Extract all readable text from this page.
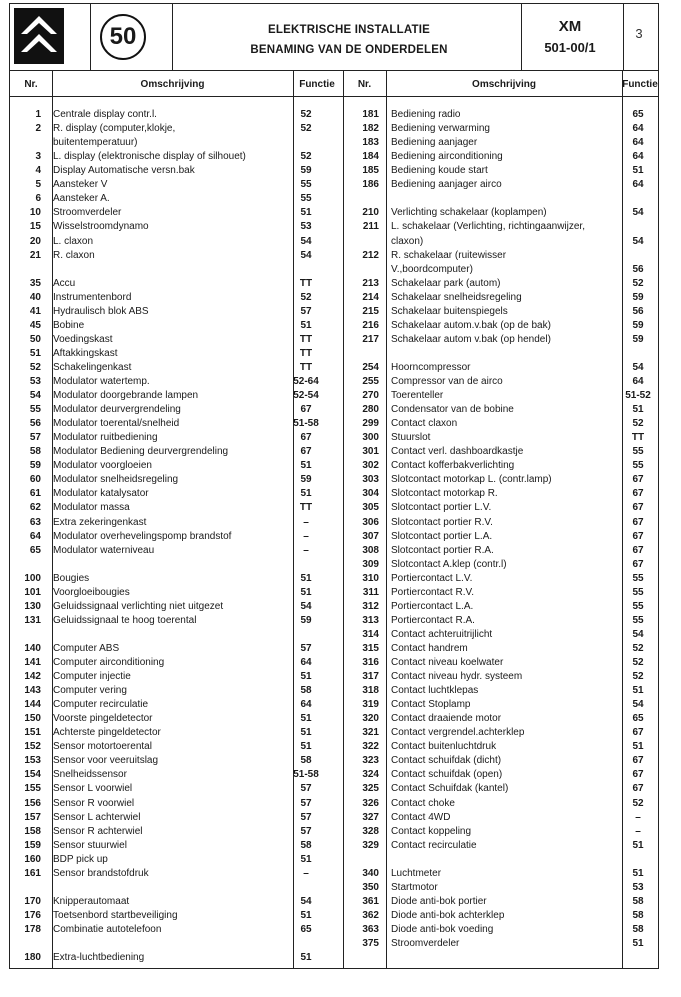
50	ELEKTRISCHE INSTALLATIE
BENAMING VAN DE ONDERDELEN
XM
501-00/1
3
Nr.	Omschrijving	Functie	Nr.	Omschrijving	Functie
1 Centrale display contr.l.	52
2 R. display (computer,klokje,	52
buitentemperatuur)
3 L. display (elektronische display of silhouet)	52
4 Display Automatische versn.bak	59
5 Aansteker V	55
6 Aansteker A.	55
10 Stroomverdeler	51
15 Wisselstroomdynamo	53
20 L. claxon	54
21 R. claxon	54
35 Accu	TT
40 Instrumentenbord	52
41 Hydraulisch blok ABS	57
45 Bobine	51
50 Voedingskast	TT
51 Aftakkingskast	TT
52 Schakelingenkast	TT
53 Modulator watertemp.	52-64
54 Modulator doorgebrande lampen	52-54
55 Modulator deurvergrendeling	67
56 Modulator toerental/snelheid	51-58
57 Modulator ruitbediening	67
58 Modulator Bediening deurvergrendeling	67
59 Modulator voorgloeien	51
60 Modulator snelheidsregeling	59
61 Modulator katalysator	51
62 Modulator massa	TT
63 Extra zekeringenkast	–
64 Modulator overhevelingspomp brandstof	–
65 Modulator waterniveau	–
100 Bougies	51
101 Voorgloeibougies	51
130 Geluidssignaal verlichting niet uitgezet	54
131 Geluidssignaal te hoog toerental	59
140 Computer ABS	57
141 Computer airconditioning	64
142 Computer injectie	51
143 Computer vering	58
144 Computer recirculatie	64
150 Voorste pingeldetector	51
151 Achterste pingeldetector	51
152 Sensor motortoerental	51
153 Sensor voor veeruitslag	58
154 Snelheidssensor	51-58
155 Sensor L voorwiel	57
156 Sensor R voorwiel	57
157 Sensor L achterwiel	57
158 Sensor R achterwiel	57
159 Sensor stuurwiel	58
160 BDP pick up	51
161 Sensor brandstofdruk	–
170 Knipperautomaat	54
176 Toetsenbord startbeveiliging	51
178 Combinatie autotelefoon	65
180 Extra-luchtbediening	51
181 Bediening radio	65
182 Bediening verwarming	64
183 Bediening aanjager	64
184 Bediening airconditioning	64
185 Bediening koude start	51
186 Bediening aanjager airco	64
210 Verlichting schakelaar (koplampen)	54
211 L. schakelaar (Verlichting, richtingaanwijzer,
claxon)	54
212 R. schakelaar (ruitewisser
V.,boordcomputer)	56
213 Schakelaar park (autom)	52
214 Schakelaar snelheidsregeling	59
215 Schakelaar buitenspiegels	56
216 Schakelaar autom.v.bak (op de bak)	59
217 Schakelaar autom v.bak (op hendel)	59
254 Hoorncompressor	54
255 Compressor van de airco	64
270 Toerenteller	51-52
280 Condensator van de bobine	51
299 Contact claxon	52
300 Stuurslot	TT
301 Contact verl. dashboardkastje	55
302 Contact kofferbakverlichting	55
303 Slotcontact motorkap L. (contr.lamp)	67
304 Slotcontact motorkap R.	67
305 Slotcontact portier L.V.	67
306 Slotcontact portier R.V.	67
307 Slotcontact portier L.A.	67
308 Slotcontact portier R.A.	67
309 Slotcontact A.klep (contr.l)	67
310 Portiercontact L.V.	55
311 Portiercontact R.V.	55
312 Portiercontact L.A.	55
313 Portiercontact R.A.	55
314 Contact achteruitrijlicht	54
315 Contact handrem	52
316 Contact niveau koelwater	52
317 Contact niveau hydr. systeem	52
318 Contact luchtklepas	51
319 Contact Stoplamp	54
320 Contact draaiende motor	65
321 Contact vergrendel.achterklep	67
322 Contact buitenluchtdruk	51
323 Contact schuifdak (dicht)	67
324 Contact schuifdak (open)	67
325 Contact Schuifdak (kantel)	67
326 Contact choke	52
327 Contact 4WD	–
328 Contact koppeling	–
329 Contact recirculatie	51
340 Luchtmeter	51
350 Startmotor	53
361 Diode anti-bok portier	58
362 Diode anti-bok achterklep	58
363 Diode anti-bok voeding	58
375 Stroomverdeler	51
